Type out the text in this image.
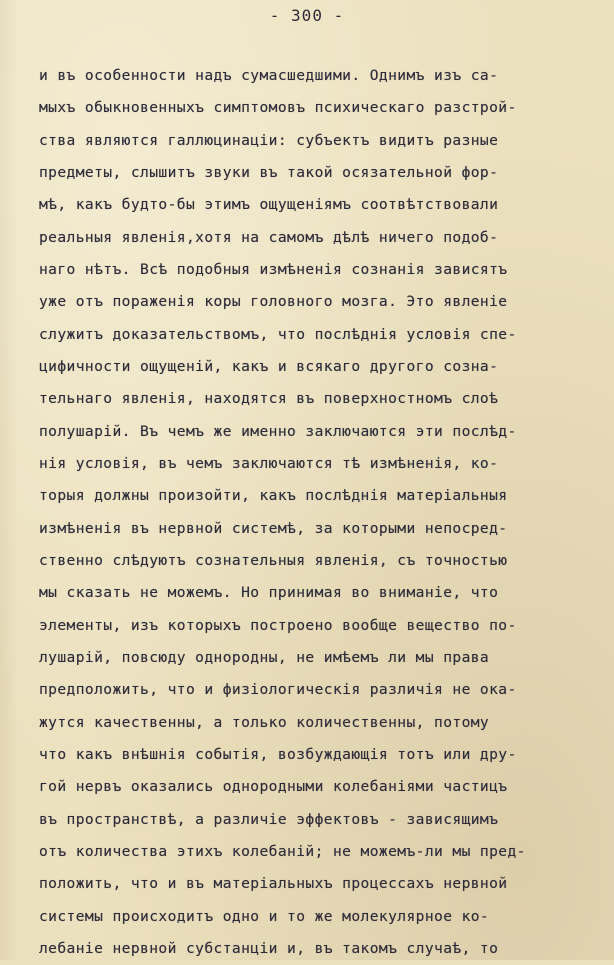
- 300 -
и въ особенности надъ сумасшедшими. Однимъ изъ са-
мыхъ обыкновенныхъ симптомовъ психическаго разстрой-
ства являются галлюцинаціи: субъектъ видитъ разные
предметы, слышитъ звуки въ такой осязательной фор-
мѣ, какъ будто-бы этимъ ощущеніямъ соотвѣтствовали
реальныя явленія,хотя на самомъ дѣлѣ ничего подоб-
наго нѣтъ. Всѣ подобныя измѣненія сознанія зависятъ
уже отъ пораженія коры головного мозга. Это явленіе
служитъ доказательствомъ, что послѣднія условія спе-
цифичности ощущеній, какъ и всякаго другого созна-
тельнаго явленія, находятся въ поверхностномъ слоѣ
полушарій. Въ чемъ же именно заключаются эти послѣд-
нія условія, въ чемъ заключаются тѣ измѣненія, ко-
торыя должны произойти, какъ послѣднія матеріальныя
измѣненія въ нервной системѣ, за которыми непосред-
ственно слѣдуютъ сознательныя явленія, съ точностью
мы сказать не можемъ. Но принимая во вниманіе, что
элементы, изъ которыхъ построено вообще вещество по-
лушарій, повсюду однородны, не имѣемъ ли мы права
предположить, что и физіологическія различія не ока-
жутся качественны, а только количественны, потому
что какъ внѣшнія событія, возбуждающія тотъ или дру-
гой нервъ оказались однородными колебаніями частицъ
въ пространствѣ, а различіе эффектовъ - зависящимъ
отъ количества этихъ колебаній; не можемъ-ли мы пред-
положить, что и въ матеріальныхъ процессахъ нервной
системы происходитъ одно и то же молекулярное ко-
лебаніе нервной субстанціи и, въ такомъ случаѣ, то
